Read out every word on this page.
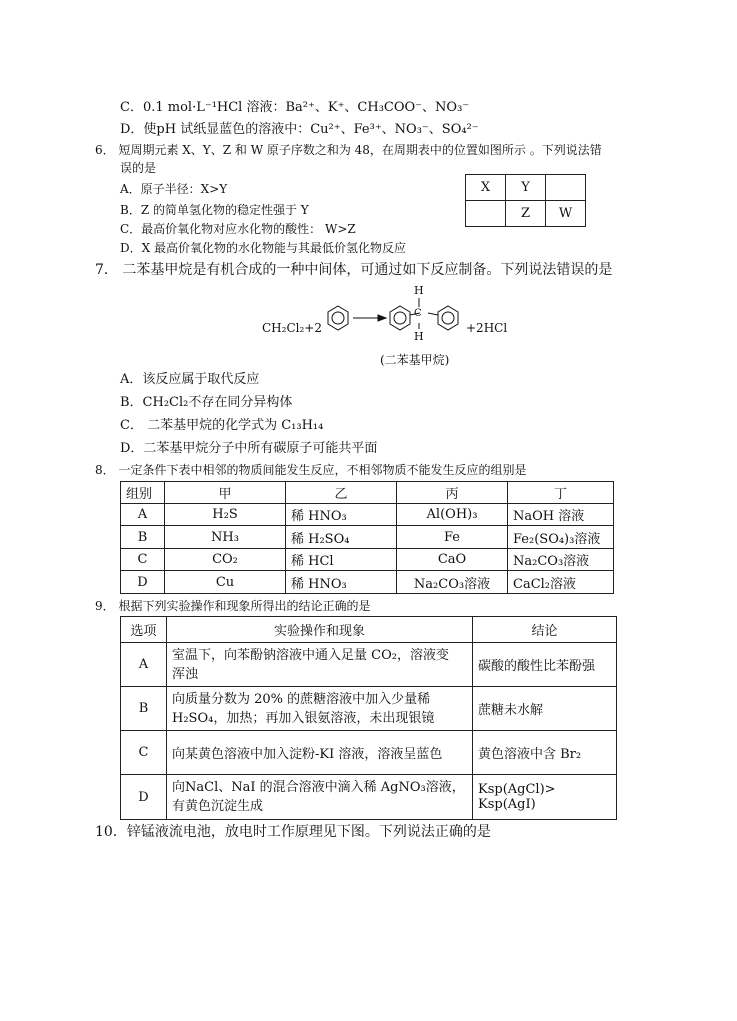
C．0.1 mol·L⁻¹HCl 溶液：Ba²⁺、K⁺、CH₃COO⁻、NO₃⁻
D．使pH 试纸显蓝色的溶液中：Cu²⁺、Fe³⁺、NO₃⁻、SO₄²⁻
6． 短周期元素 X、Y、Z 和 W 原子序数之和为 48，在周期表中的位置如图所示 。下列说法错
误的是
A．原子半径：X>Y
B．Z 的简单氢化物的稳定性强于 Y
C．最高价氧化物对应水化物的酸性： W>Z
D．X 最高价氧化物的水化物能与其最低价氢化物反应
X	Y	
	Z	W
7． 二苯基甲烷是有机合成的一种中间体，可通过如下反应制备。下列说法错误的是
CH₂Cl₂+2	+2HCl
H
C
H
(二苯基甲烷)
A．该反应属于取代反应
B．CH₂Cl₂不存在同分异构体
C． 二苯基甲烷的化学式为 C₁₃H₁₄
D．二苯基甲烷分子中所有碳原子可能共平面
8． 一定条件下表中相邻的物质间能发生反应，不相邻物质不能发生反应的组别是
组别	甲	乙	丙	丁
A	H₂S	稀 HNO₃	Al(OH)₃	NaOH 溶液
B	NH₃	稀 H₂SO₄	Fe	Fe₂(SO₄)₃溶液
C	CO₂	稀 HCl	CaO	Na₂CO₃溶液
D	Cu	稀 HNO₃	Na₂CO₃溶液	CaCl₂溶液
9． 根据下列实验操作和现象所得出的结论正确的是
选项	实验操作和现象	结论
A	室温下，向苯酚钠溶液中通入足量 CO₂，溶液变
浑浊	碳酸的酸性比苯酚强
B	向质量分数为 20% 的蔗糖溶液中加入少量稀
H₂SO₄，加热；再加入银氨溶液，未出现银镜	蔗糖未水解
C	向某黄色溶液中加入淀粉-KI 溶液，溶液呈蓝色	黄色溶液中含 Br₂
D	向NaCl、NaI 的混合溶液中滴入稀 AgNO₃溶液，
有黄色沉淀生成	Ksp(AgCl)> Ksp(AgI)
10．锌锰液流电池，放电时工作原理见下图。下列说法正确的是
